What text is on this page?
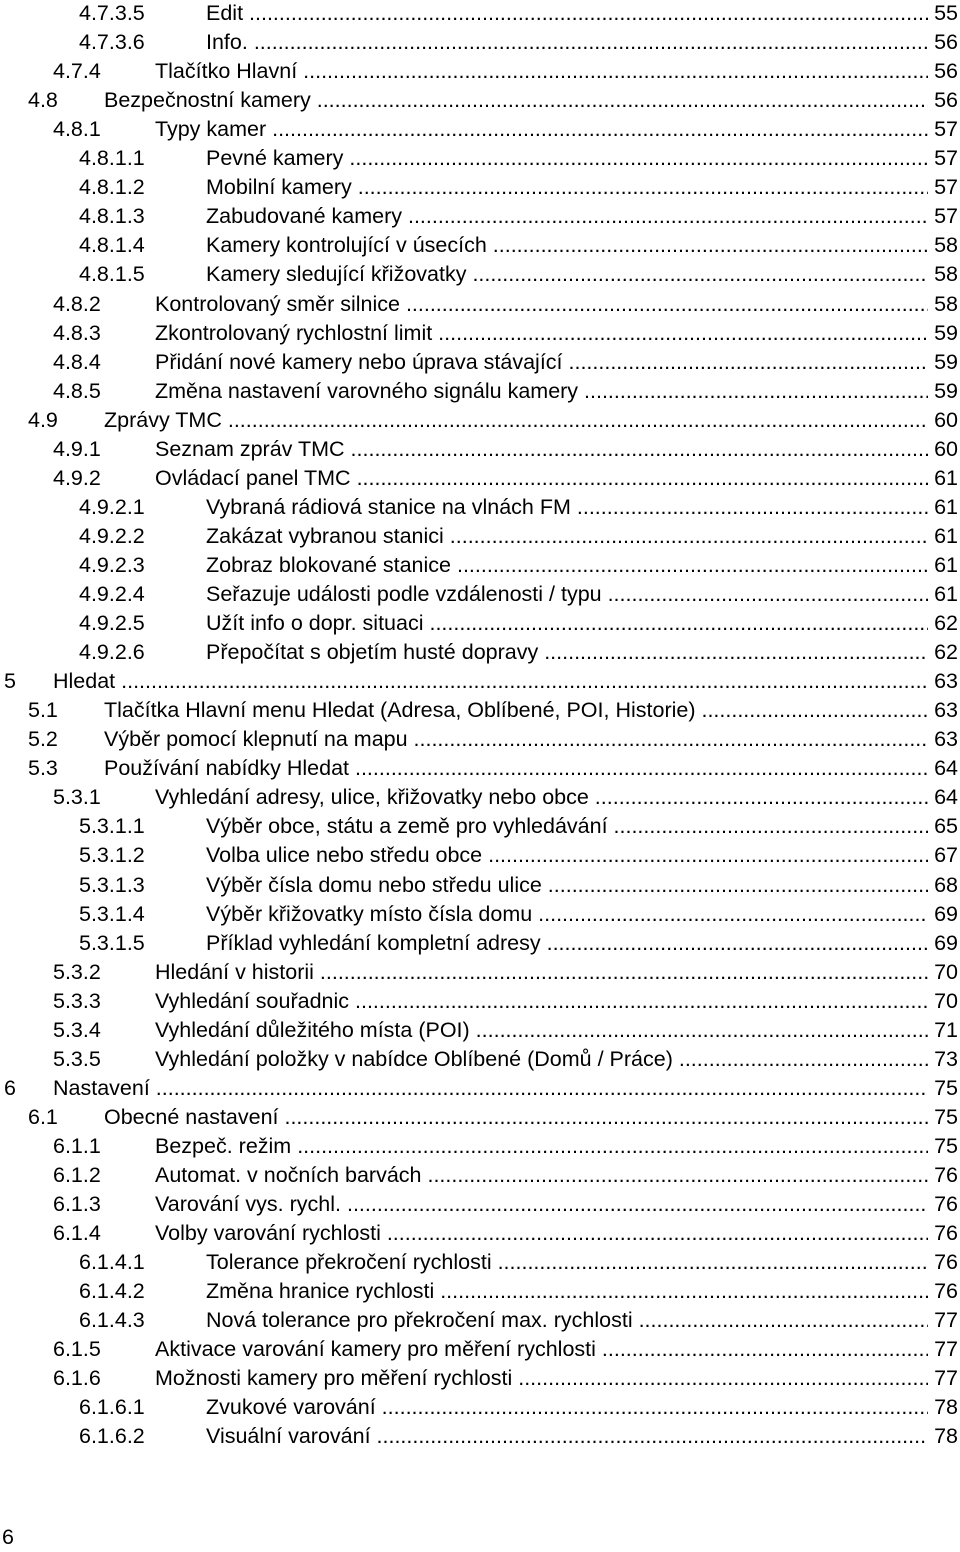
4.7.3.5	Edit .....	55
4.7.3.6	Info. .....	56
4.7.4	Tlačítko Hlavní .....	56
4.8 Bezpečnostní kamery .....	56
4.8.1	Typy kamer .....	57
4.8.1.1	Pevné kamery .....	57
4.8.1.2	Mobilní kamery .....	57
4.8.1.3	Zabudované kamery .....	57
4.8.1.4	Kamery kontrolující v úsecích .....	58
4.8.1.5	Kamery sledující křižovatky .....	58
4.8.2	Kontrolovaný směr silnice .....	58
4.8.3	Zkontrolovaný rychlostní limit .....	59
4.8.4	Přidání nové kamery nebo úprava stávající .....	59
4.8.5	Změna nastavení varovného signálu kamery .....	59
4.9 Zprávy TMC .....	60
4.9.1	Seznam zpráv TMC .....	60
4.9.2	Ovládací panel TMC .....	61
4.9.2.1	Vybraná rádiová stanice na vlnách FM .....	61
4.9.2.2	Zakázat vybranou stanici .....	61
4.9.2.3	Zobraz blokované stanice .....	61
4.9.2.4	Seřazuje události podle vzdálenosti / typu .....	61
4.9.2.5	Užít info o dopr. situaci .....	62
4.9.2.6	Přepočítat s objetím husté dopravy .....	62
5 Hledat .....	63
5.1 Tlačítka Hlavní menu Hledat (Adresa, Oblíbené, POI, Historie) .....	63
5.2 Výběr pomocí klepnutí na mapu .....	63
5.3 Používání nabídky Hledat .....	64
5.3.1	Vyhledání adresy, ulice, křižovatky nebo obce .....	64
5.3.1.1	Výběr obce, státu a země pro vyhledávání .....	65
5.3.1.2	Volba ulice nebo středu obce .....	67
5.3.1.3	Výběr čísla domu nebo středu ulice .....	68
5.3.1.4	Výběr křižovatky místo čísla domu .....	69
5.3.1.5	Příklad vyhledání kompletní adresy .....	69
5.3.2	Hledání v historii .....	70
5.3.3	Vyhledání souřadnic .....	70
5.3.4	Vyhledání důležitého místa (POI) .....	71
5.3.5	Vyhledání položky v nabídce Oblíbené (Domů / Práce) .....	73
6 Nastavení .....	75
6.1 Obecné nastavení .....	75
6.1.1	Bezpeč. režim .....	75
6.1.2	Automat. v nočních barvách .....	76
6.1.3	Varování vys. rychl. .....	76
6.1.4	Volby varování rychlosti .....	76
6.1.4.1	Tolerance překročení rychlosti .....	76
6.1.4.2	Změna hranice rychlosti .....	76
6.1.4.3	Nová tolerance pro překročení max. rychlosti .....	77
6.1.5	Aktivace varování kamery pro měření rychlosti .....	77
6.1.6	Možnosti kamery pro měření rychlosti .....	77
6.1.6.1	Zvukové varování .....	78
6.1.6.2	Visuální varování .....	78
6
